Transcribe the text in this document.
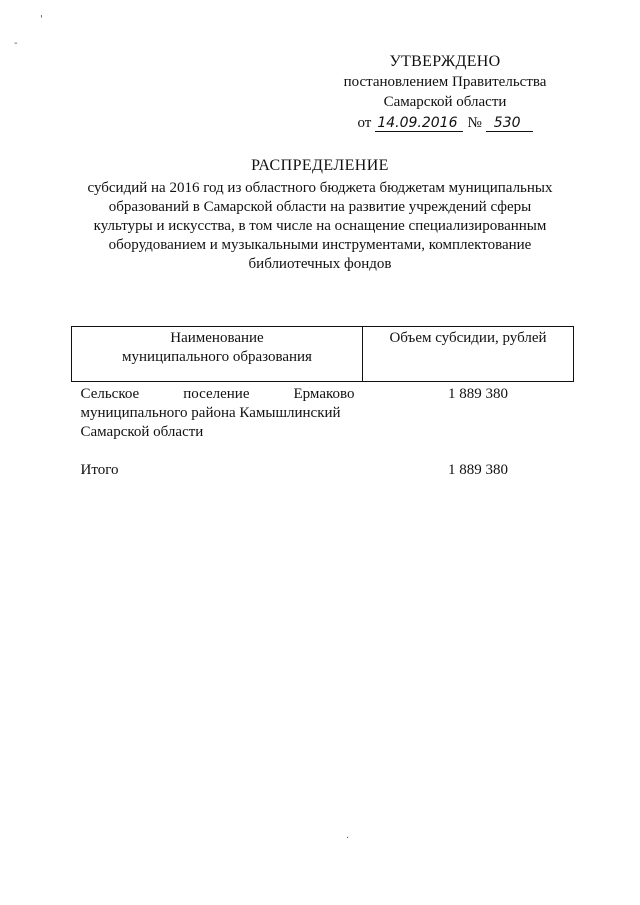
УТВЕРЖДЕНО
постановлением Правительства
Самарской области
от 14.09.2016 № 530
РАСПРЕДЕЛЕНИЕ
субсидий на 2016 год из областного бюджета бюджетам муниципальных
образований в Самарской области на развитие учреждений сферы
культуры и искусства, в том числе на оснащение специализированным
оборудованием и музыкальными инструментами, комплектование
библиотечных фондов
Наименование
муниципального образования	Объем субсидии, рублей

Сельское поселение Ермаково
муниципального района Камышлинский
Самарской области	1 889 380

Итого	1 889 380
'
-
·
